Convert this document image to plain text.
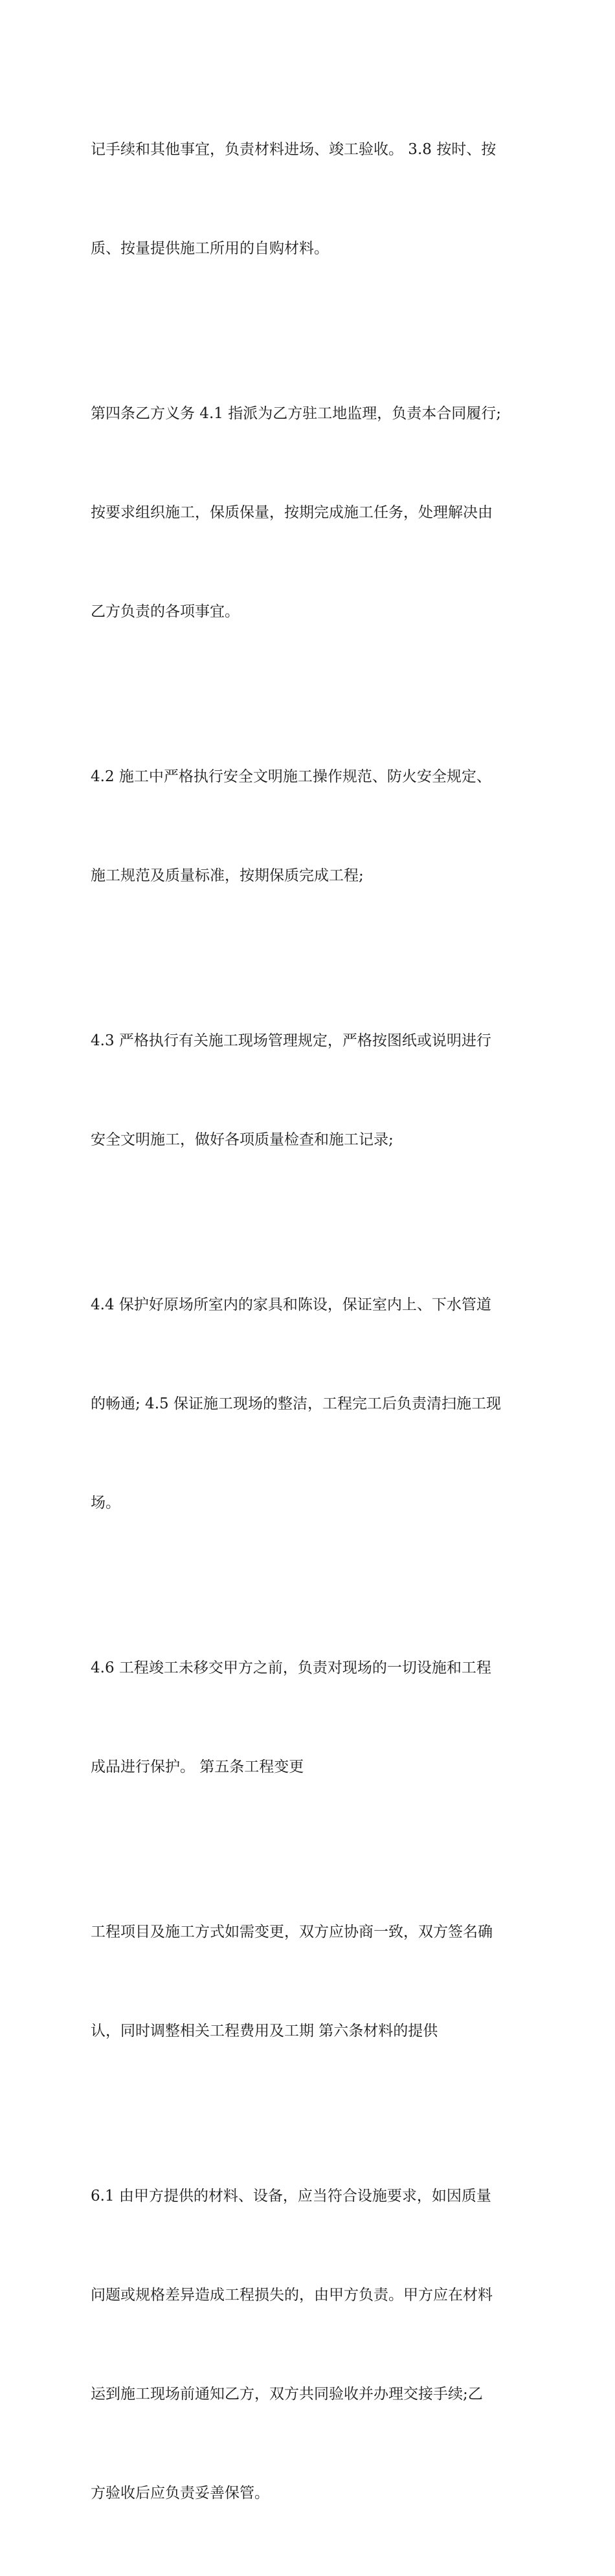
记手续和其他事宜，负责材料进场、竣工验收。 3.8 按时、按

质、按量提供施工所用的自购材料。

第四条乙方义务 4.1 指派为乙方驻工地监理，负责本合同履行;

按要求组织施工，保质保量，按期完成施工任务，处理解决由

乙方负责的各项事宜。

4.2 施工中严格执行安全文明施工操作规范、防火安全规定、

施工规范及质量标准，按期保质完成工程;

4.3 严格执行有关施工现场管理规定，严格按图纸或说明进行

安全文明施工，做好各项质量检查和施工记录;

4.4 保护好原场所室内的家具和陈设，保证室内上、下水管道

的畅通; 4.5 保证施工现场的整洁，工程完工后负责清扫施工现

场。

4.6 工程竣工未移交甲方之前，负责对现场的一切设施和工程

成品进行保护。 第五条工程变更

工程项目及施工方式如需变更，双方应协商一致，双方签名确

认，同时调整相关工程费用及工期 第六条材料的提供

6.1 由甲方提供的材料、设备，应当符合设施要求，如因质量

问题或规格差异造成工程损失的，由甲方负责。甲方应在材料

运到施工现场前通知乙方，双方共同验收并办理交接手续;乙

方验收后应负责妥善保管。
